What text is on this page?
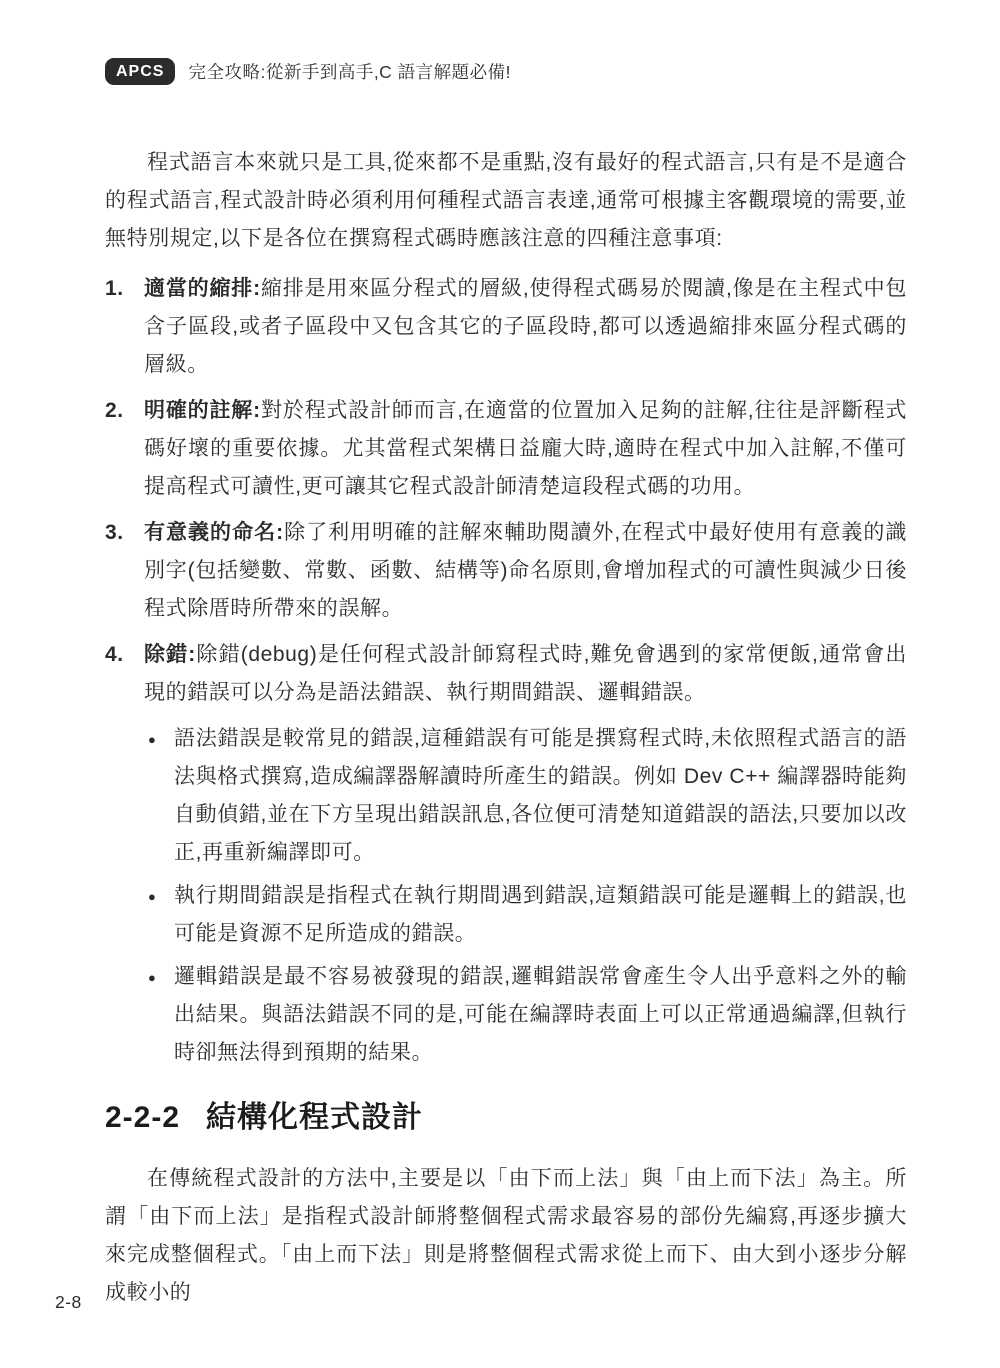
APCS	完全攻略:從新手到高手,C 語言解題必備!

程式語言本來就只是工具,從來都不是重點,沒有最好的程式語言,只有是不是適合的程式語言,程式設計時必須利用何種程式語言表達,通常可根據主客觀環境的需要,並無特別規定,以下是各位在撰寫程式碼時應該注意的四種注意事項:

1. 適當的縮排:縮排是用來區分程式的層級,使得程式碼易於閱讀,像是在主程式中包含子區段,或者子區段中又包含其它的子區段時,都可以透過縮排來區分程式碼的層級。
2. 明確的註解:對於程式設計師而言,在適當的位置加入足夠的註解,往往是評斷程式碼好壞的重要依據。尤其當程式架構日益龐大時,適時在程式中加入註解,不僅可提高程式可讀性,更可讓其它程式設計師清楚這段程式碼的功用。
3. 有意義的命名:除了利用明確的註解來輔助閱讀外,在程式中最好使用有意義的識別字(包括變數、常數、函數、結構等)命名原則,會增加程式的可讀性與減少日後程式除厝時所帶來的誤解。
4. 除錯:除錯(debug)是任何程式設計師寫程式時,難免會遇到的家常便飯,通常會出現的錯誤可以分為是語法錯誤、執行期間錯誤、邏輯錯誤。
● 語法錯誤是較常見的錯誤,這種錯誤有可能是撰寫程式時,未依照程式語言的語法與格式撰寫,造成編譯器解讀時所產生的錯誤。例如 Dev C++ 編譯器時能夠自動偵錯,並在下方呈現出錯誤訊息,各位便可清楚知道錯誤的語法,只要加以改正,再重新編譯即可。
● 執行期間錯誤是指程式在執行期間遇到錯誤,這類錯誤可能是邏輯上的錯誤,也可能是資源不足所造成的錯誤。
● 邏輯錯誤是最不容易被發現的錯誤,邏輯錯誤常會產生令人出乎意料之外的輸出結果。與語法錯誤不同的是,可能在編譯時表面上可以正常通過編譯,但執行時卻無法得到預期的結果。
2-2-2 結構化程式設計

在傳統程式設計的方法中,主要是以「由下而上法」與「由上而下法」為主。所謂「由下而上法」是指程式設計師將整個程式需求最容易的部份先編寫,再逐步擴大來完成整個程式。「由上而下法」則是將整個程式需求從上而下、由大到小逐步分解成較小的

2-8
